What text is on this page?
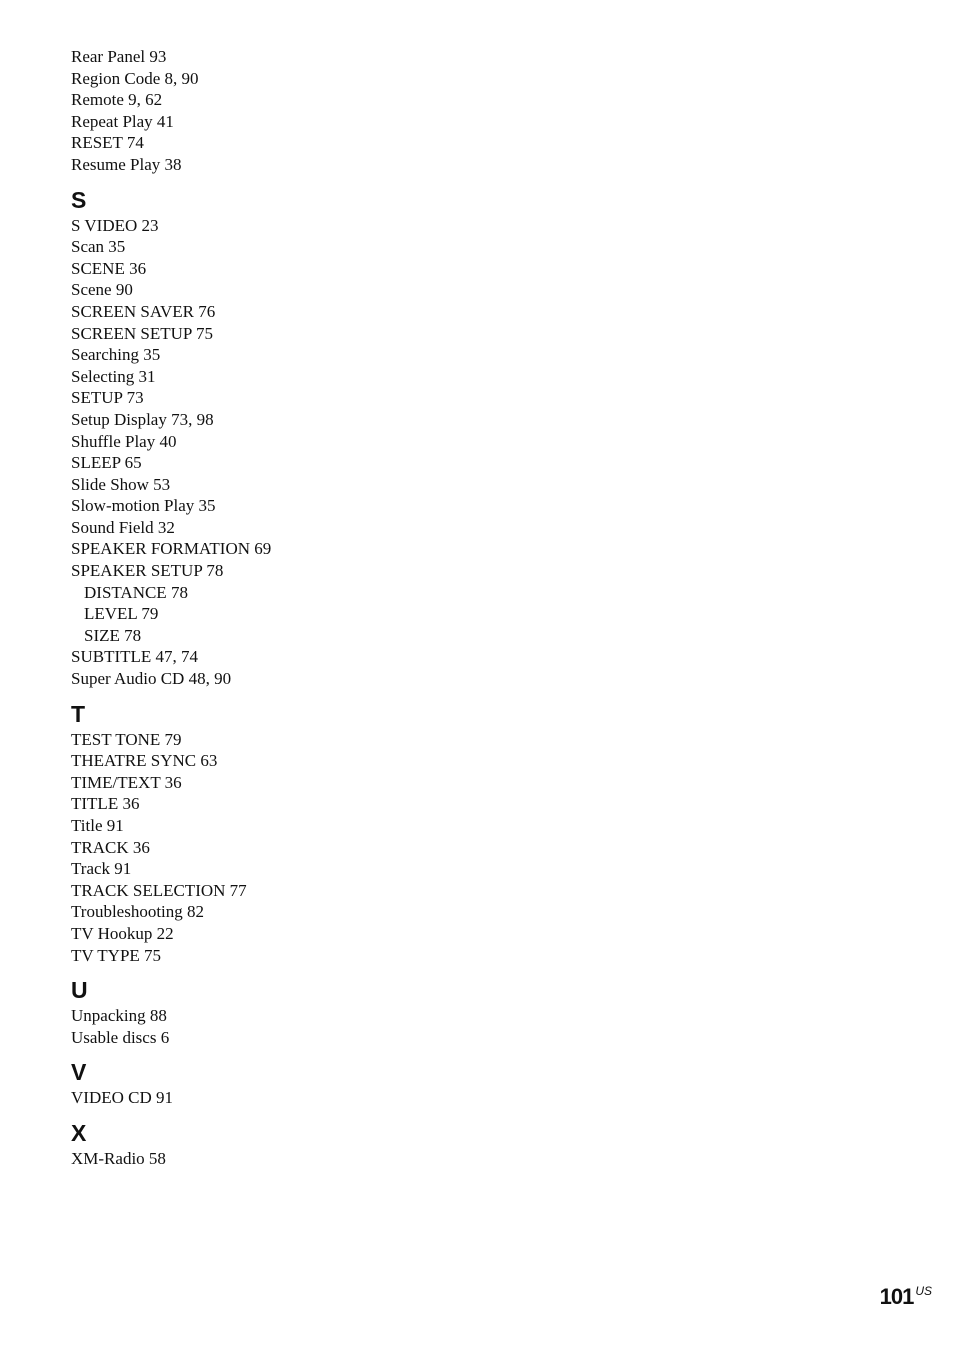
Rear Panel 93
Region Code 8, 90
Remote 9, 62
Repeat Play 41
RESET 74
Resume Play 38
S
S VIDEO 23
Scan 35
SCENE 36
Scene 90
SCREEN SAVER 76
SCREEN SETUP 75
Searching 35
Selecting 31
SETUP 73
Setup Display 73, 98
Shuffle Play 40
SLEEP 65
Slide Show 53
Slow-motion Play 35
Sound Field 32
SPEAKER FORMATION 69
SPEAKER SETUP 78
DISTANCE 78
LEVEL 79
SIZE 78
SUBTITLE 47, 74
Super Audio CD 48, 90
T
TEST TONE 79
THEATRE SYNC 63
TIME/TEXT 36
TITLE 36
Title 91
TRACK 36
Track 91
TRACK SELECTION 77
Troubleshooting 82
TV Hookup 22
TV TYPE 75
U
Unpacking 88
Usable discs 6
V
VIDEO CD 91
X
XM-Radio 58
101 $^{US}$
